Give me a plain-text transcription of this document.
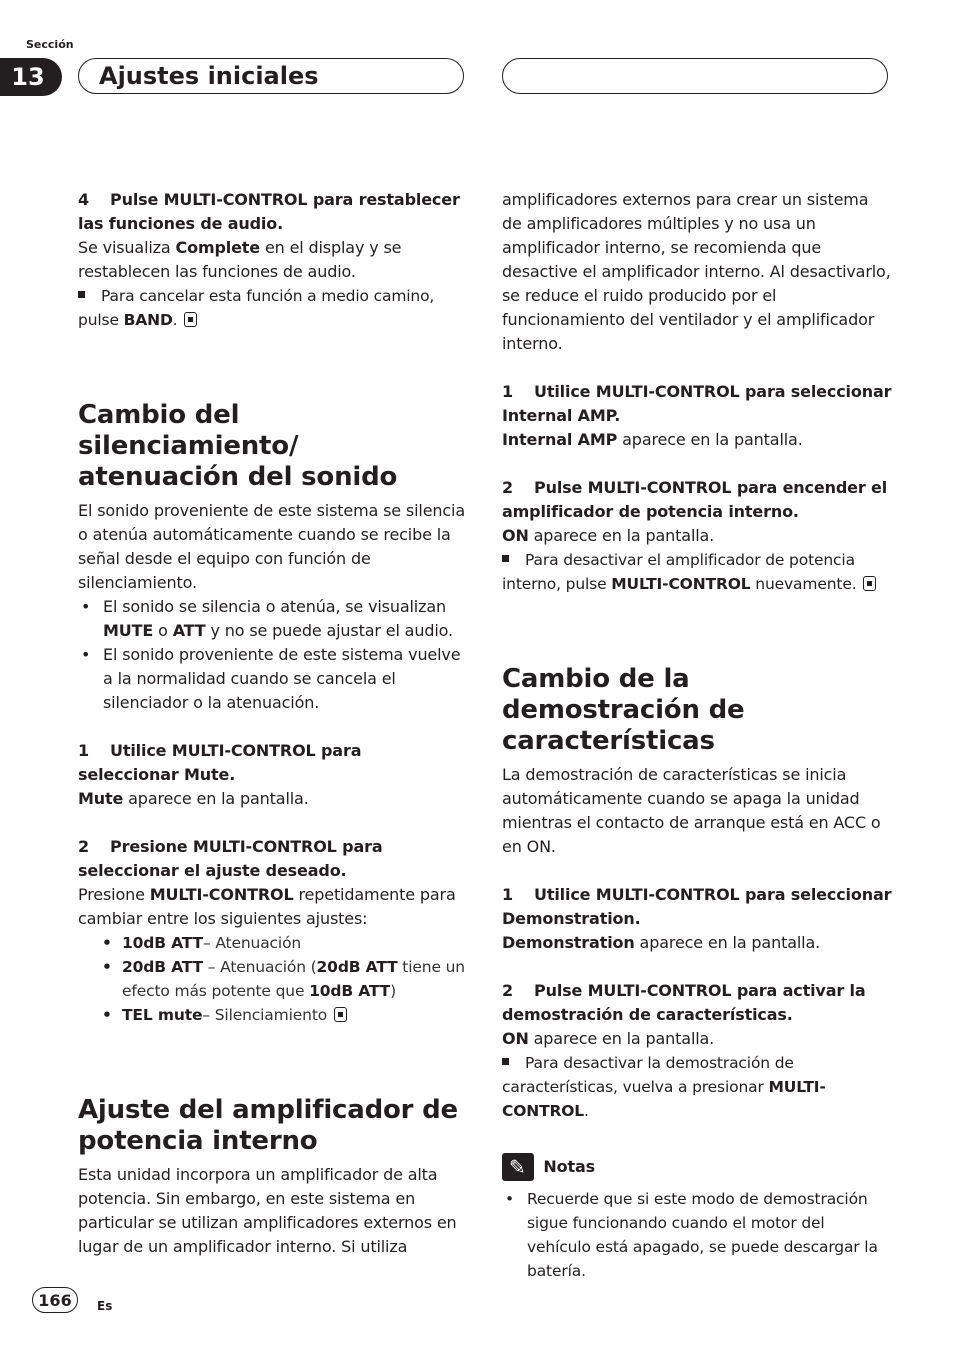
Sección
13	Ajustes iniciales

4 Pulse MULTI-CONTROL para restablecer las funciones de audio.

Se visualiza Complete en el display y se restablecen las funciones de audio.

Para cancelar esta función a medio camino, pulse BAND.

Cambio del silenciamiento/ atenuación del sonido

El sonido proveniente de este sistema se silencia o atenúa automáticamente cuando se recibe la señal desde el equipo con función de silenciamiento.

• El sonido se silencia o atenúa, se visualizan MUTE o ATT y no se puede ajustar el audio.
• El sonido proveniente de este sistema vuelve a la normalidad cuando se cancela el silenciador o la atenuación.

1 Utilice MULTI-CONTROL para seleccionar Mute.

Mute aparece en la pantalla.

2 Presione MULTI-CONTROL para seleccionar el ajuste deseado.

Presione MULTI-CONTROL repetidamente para cambiar entre los siguientes ajustes:

• 10dB ATT– Atenuación
• 20dB ATT – Atenuación (20dB ATT tiene un efecto más potente que 10dB ATT)
• TEL mute– Silenciamiento
Ajuste del amplificador de potencia interno

Esta unidad incorpora un amplificador de alta potencia. Sin embargo, en este sistema en particular se utilizan amplificadores externos en lugar de un amplificador interno. Si utiliza

amplificadores externos para crear un sistema de amplificadores múltiples y no usa un amplificador interno, se recomienda que desactive el amplificador interno. Al desactivarlo, se reduce el ruido producido por el funcionamiento del ventilador y el amplificador interno.

1 Utilice MULTI-CONTROL para seleccionar Internal AMP.

Internal AMP aparece en la pantalla.

2 Pulse MULTI-CONTROL para encender el amplificador de potencia interno.

ON aparece en la pantalla.

Para desactivar el amplificador de potencia interno, pulse MULTI-CONTROL nuevamente.

Cambio de la demostración de características

La demostración de características se inicia automáticamente cuando se apaga la unidad mientras el contacto de arranque está en ACC o en ON.

1 Utilice MULTI-CONTROL para seleccionar Demonstration.

Demonstration aparece en la pantalla.

2 Pulse MULTI-CONTROL para activar la demostración de características.

ON aparece en la pantalla.

Para desactivar la demostración de características, vuelva a presionar MULTI-CONTROL.

✎ Notas
• Recuerde que si este modo de demostración sigue funcionando cuando el motor del vehículo está apagado, se puede descargar la batería.
166	Es
